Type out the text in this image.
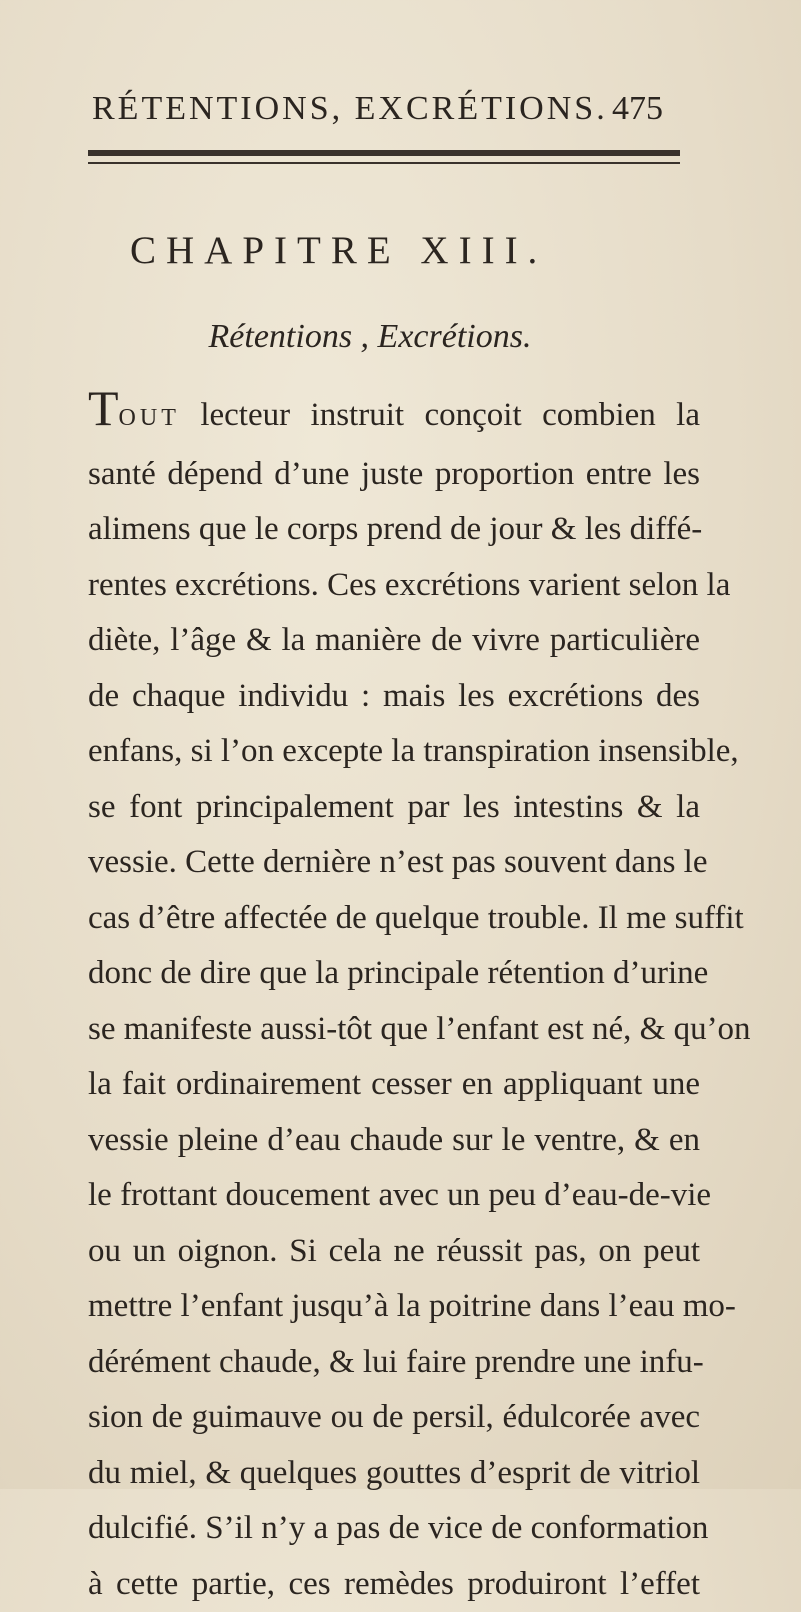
RÉTENTIONS, EXCRÉTIONS. 475
CHAPITRE XIII.
Rétentions , Excrétions.
TOUT lecteur instruit conçoit combien la
santé dépend d’une juste proportion entre les
alimens que le corps prend de jour & les diffé-
rentes excrétions. Ces excrétions varient selon la
diète, l’âge & la manière de vivre particulière
de chaque individu : mais les excrétions des
enfans, si l’on excepte la transpiration insensible,
se font principalement par les intestins & la
vessie. Cette dernière n’est pas souvent dans le
cas d’être affectée de quelque trouble. Il me suffit
donc de dire que la principale rétention d’urine
se manifeste aussi-tôt que l’enfant est né, & qu’on
la fait ordinairement cesser en appliquant une
vessie pleine d’eau chaude sur le ventre, & en
le frottant doucement avec un peu d’eau-de-vie
ou un oignon. Si cela ne réussit pas, on peut
mettre l’enfant jusqu’à la poitrine dans l’eau mo-
dérément chaude, & lui faire prendre une infu-
sion de guimauve ou de persil, édulcorée avec
du miel, & quelques gouttes d’esprit de vitriol
dulcifié. S’il n’y a pas de vice de conformation
à cette partie, ces remèdes produiront l’effet
